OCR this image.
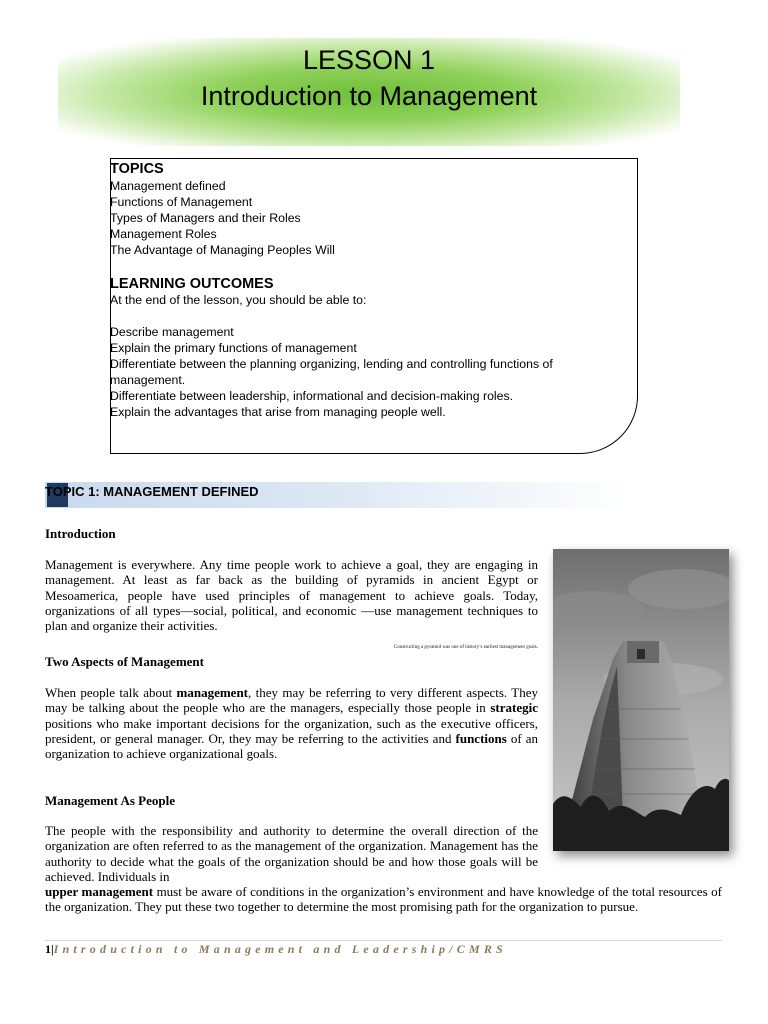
LESSON 1
Introduction to Management
TOPICS
Management defined
Functions of Management
Types of Managers and their Roles
Management Roles
The Advantage of Managing Peoples Will
LEARNING OUTCOMES
At the end of the lesson, you should be able to:
Describe management
Explain the primary functions of management
Differentiate between the planning organizing, lending and controlling functions of management.
Differentiate between leadership, informational and decision-making roles.
Explain the advantages that arise from managing people well.
TOPIC 1: MANAGEMENT DEFINED
Introduction
Management is everywhere. Any time people work to achieve a goal, they are engaging in management. At least as far back as the building of pyramids in ancient Egypt or Mesoamerica, people have used principles of management to achieve goals. Today, organizations of all types—social, political, and economic —use management techniques to plan and organize their activities.
Constructing a pyramid was one of history’s earliest management goals.
Two Aspects of Management
When people talk about management, they may be referring to very different aspects. They may be talking about the people who are the managers, especially those people in strategic positions who make important decisions for the organization, such as the executive officers, president, or general manager. Or, they may be referring to the activities and functions of an organization to achieve organizational goals.
Management As People
The people with the responsibility and authority to determine the overall direction of the organization are often referred to as the management of the organization. Management has the authority to decide what the goals of the organization should be and how those goals will be achieved. Individuals in
upper management must be aware of conditions in the organization’s environment and have knowledge of the total resources of the organization. They put these two together to determine the most promising path for the organization to pursue.
1|Introduction to Management and Leadership/CMRS
